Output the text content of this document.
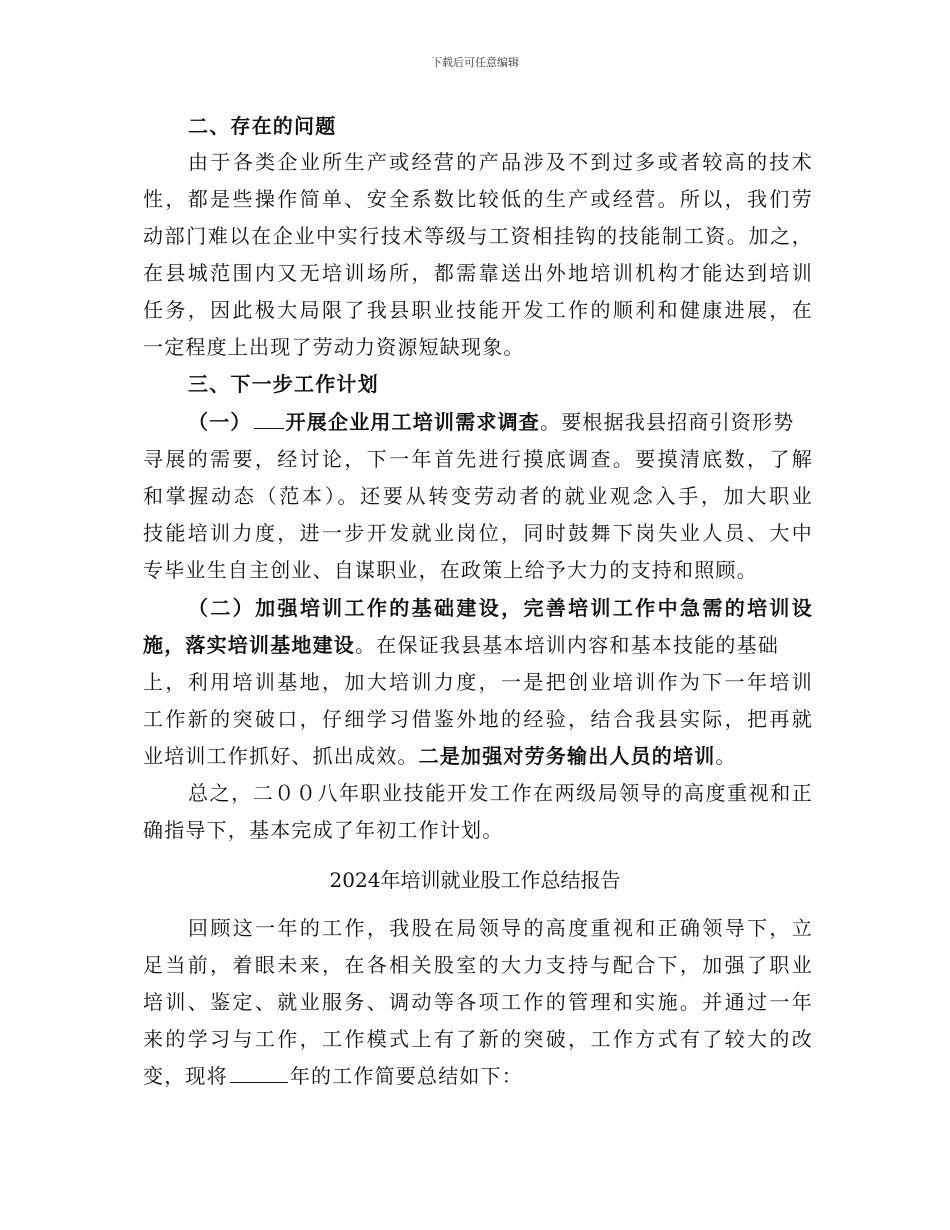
下载后可任意编辑
二、存在的问题
由于各类企业所生产或经营的产品涉及不到过多或者较高的技术
性，都是些操作简单、安全系数比较低的生产或经营。所以，我们劳
动部门难以在企业中实行技术等级与工资相挂钩的技能制工资。加之，
在县城范围内又无培训场所，都需靠送出外地培训机构才能达到培训
任务，因此极大局限了我县职业技能开发工作的顺利和健康进展，在
一定程度上出现了劳动力资源短缺现象。
三、下一步工作计划
（一） 开展企业用工培训需求调查。要根据我县招商引资形势
寻展的需要，经讨论，下一年首先进行摸底调查。要摸清底数，了解
和掌握动态（范本）。还要从转变劳动者的就业观念入手，加大职业
技能培训力度，进一步开发就业岗位，同时鼓舞下岗失业人员、大中
专毕业生自主创业、自谋职业，在政策上给予大力的支持和照顾。
（二）加强培训工作的基础建设，完善培训工作中急需的培训设
施，落实培训基地建设。在保证我县基本培训内容和基本技能的基础
上，利用培训基地，加大培训力度，一是把创业培训作为下一年培训
工作新的突破口，仔细学习借鉴外地的经验，结合我县实际，把再就
业培训工作抓好、抓出成效。二是加强对劳务输出人员的培训。
总之，二００八年职业技能开发工作在两级局领导的高度重视和正
确指导下，基本完成了年初工作计划。
2024年培训就业股工作总结报告
回顾这一年的工作，我股在局领导的高度重视和正确领导下，立
足当前，着眼未来，在各相关股室的大力支持与配合下，加强了职业
培训、鉴定、就业服务、调动等各项工作的管理和实施。并通过一年
来的学习与工作，工作模式上有了新的突破，工作方式有了较大的改
变，现将	年的工作简要总结如下：
